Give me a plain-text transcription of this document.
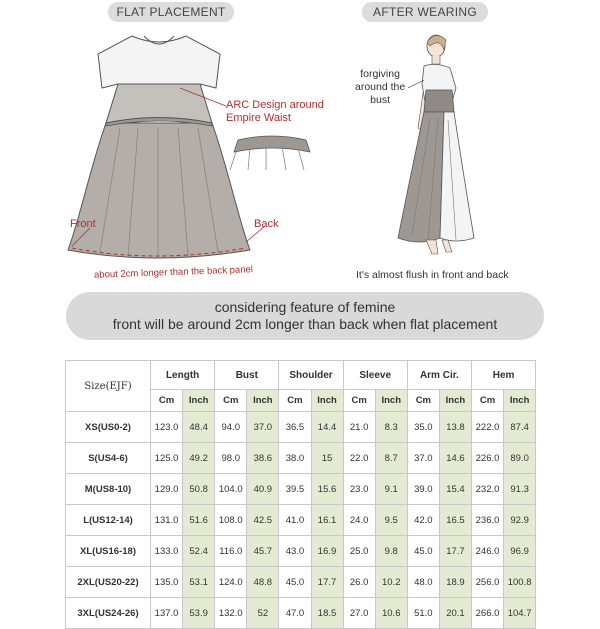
FLAT PLACEMENT	AFTER WEARING
ARC Design around
Empire Waist
Front	Back
about 2cm longer than the back panel
forgiving
around the
bust
It's almost flush in front and back
considering feature of femine
front will be around 2cm longer than back when flat placement
Size(EJF)	Length		Bust		Shoulder		Sleeve		Arm Cir.		Hem	
	Cm	Inch	Cm	Inch	Cm	Inch	Cm	Inch	Cm	Inch	Cm	Inch
XS(US0-2)	123.0	48.4	94.0	37.0	36.5	14.4	21.0	8.3	35.0	13.8	222.0	87.4
S(US4-6)	125.0	49.2	98.0	38.6	38.0	15	22.0	8.7	37.0	14.6	226.0	89.0
M(US8-10)	129.0	50.8	104.0	40.9	39.5	15.6	23.0	9.1	39.0	15.4	232.0	91.3
L(US12-14)	131.0	51.6	108.0	42.5	41.0	16.1	24.0	9.5	42.0	16.5	236.0	92.9
XL(US16-18)	133.0	52.4	116.0	45.7	43.0	16.9	25.0	9.8	45.0	17.7	246.0	96.9
2XL(US20-22)	135.0	53.1	124.0	48.8	45.0	17.7	26.0	10.2	48.0	18.9	256.0	100.8
3XL(US24-26)	137.0	53.9	132.0	52	47.0	18.5	27.0	10.6	51.0	20.1	266.0	104.7
